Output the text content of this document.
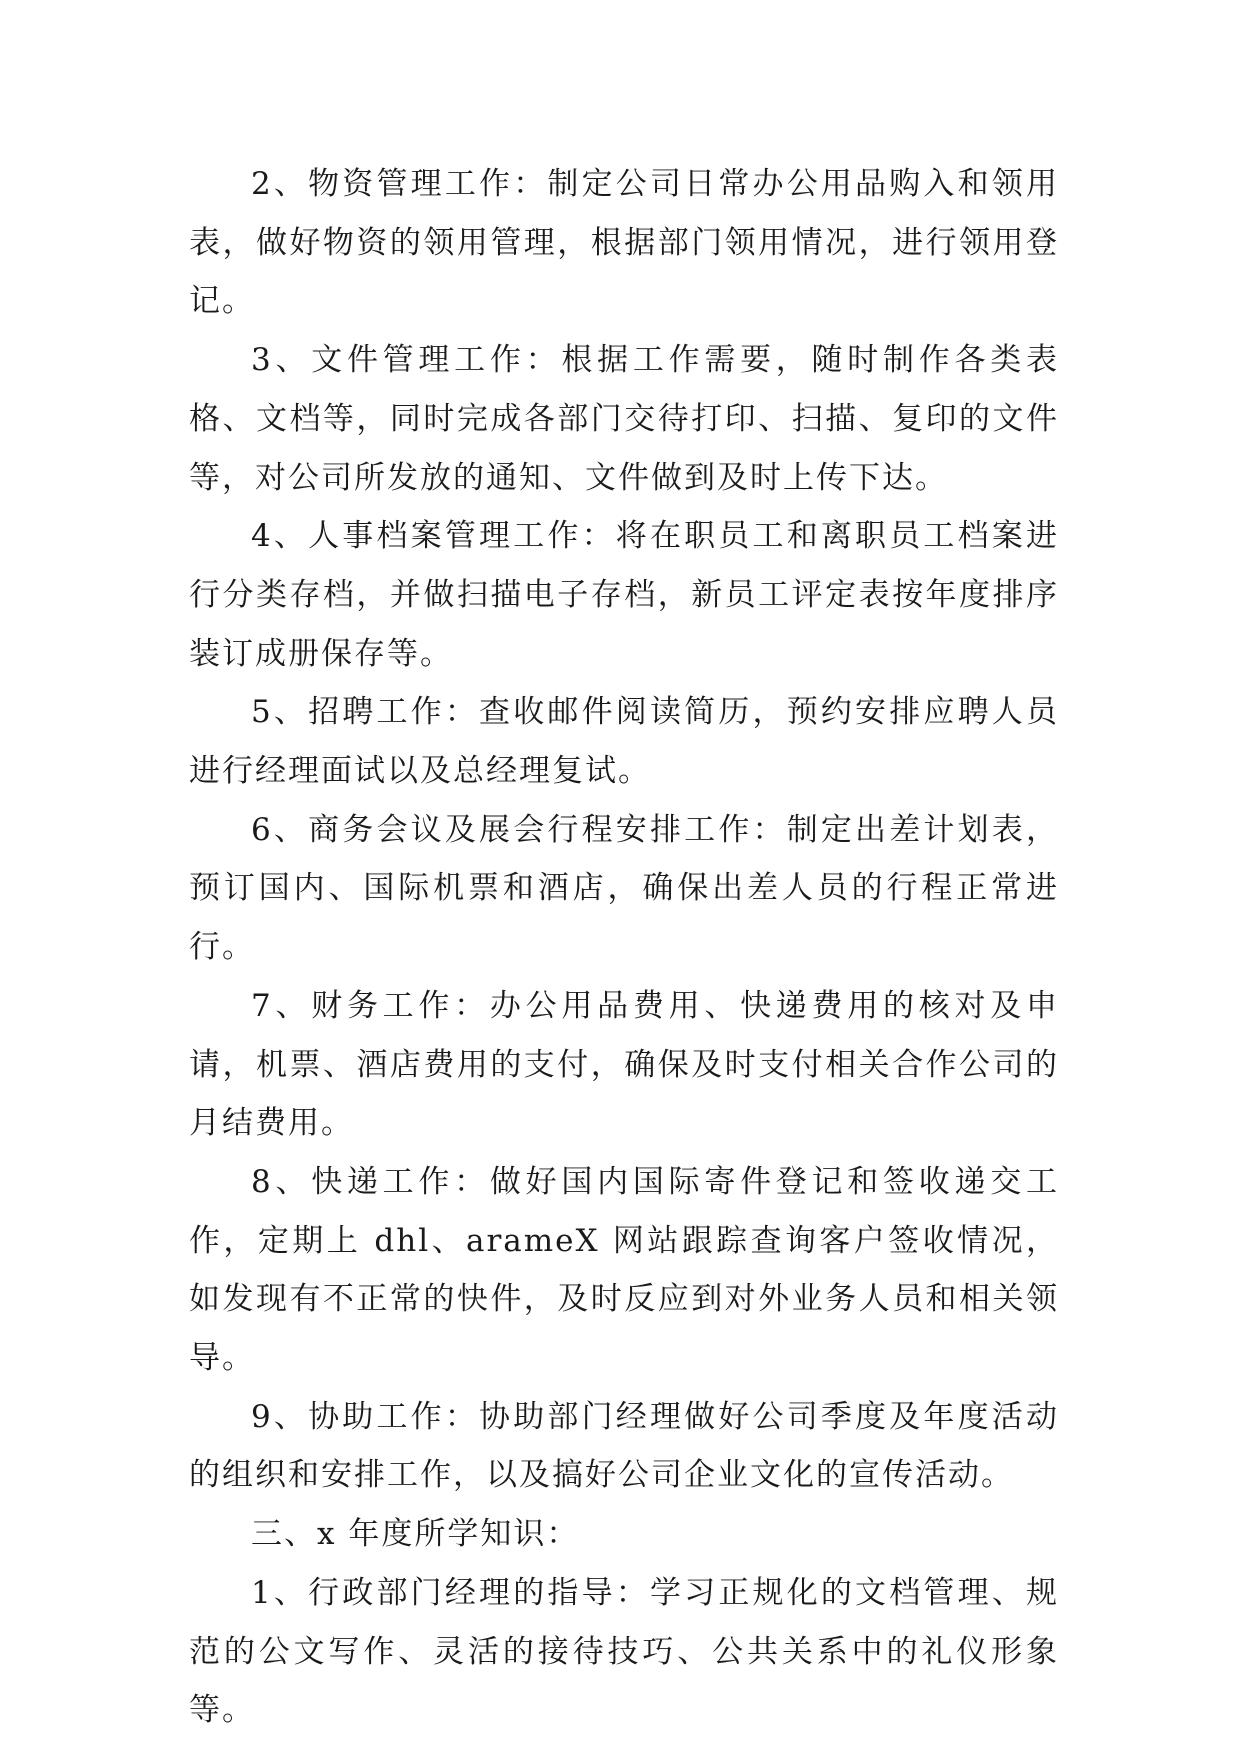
2、物资管理工作：制定公司日常办公用品购入和领用表，做好物资的领用管理，根据部门领用情况，进行领用登记。

3、文件管理工作：根据工作需要，随时制作各类表格、文档等，同时完成各部门交待打印、扫描、复印的文件等，对公司所发放的通知、文件做到及时上传下达。

4、人事档案管理工作：将在职员工和离职员工档案进行分类存档，并做扫描电子存档，新员工评定表按年度排序装订成册保存等。

5、招聘工作：查收邮件阅读简历，预约安排应聘人员进行经理面试以及总经理复试。

6、商务会议及展会行程安排工作：制定出差计划表，预订国内、国际机票和酒店，确保出差人员的行程正常进行。

7、财务工作：办公用品费用、快递费用的核对及申请，机票、酒店费用的支付，确保及时支付相关合作公司的月结费用。

8、快递工作：做好国内国际寄件登记和签收递交工作，定期上 dhl、arameX 网站跟踪查询客户签收情况，如发现有不正常的快件，及时反应到对外业务人员和相关领导。

9、协助工作：协助部门经理做好公司季度及年度活动的组织和安排工作，以及搞好公司企业文化的宣传活动。

三、x 年度所学知识：

1、行政部门经理的指导：学习正规化的文档管理、规范的公文写作、灵活的接待技巧、公共关系中的礼仪形象等。
